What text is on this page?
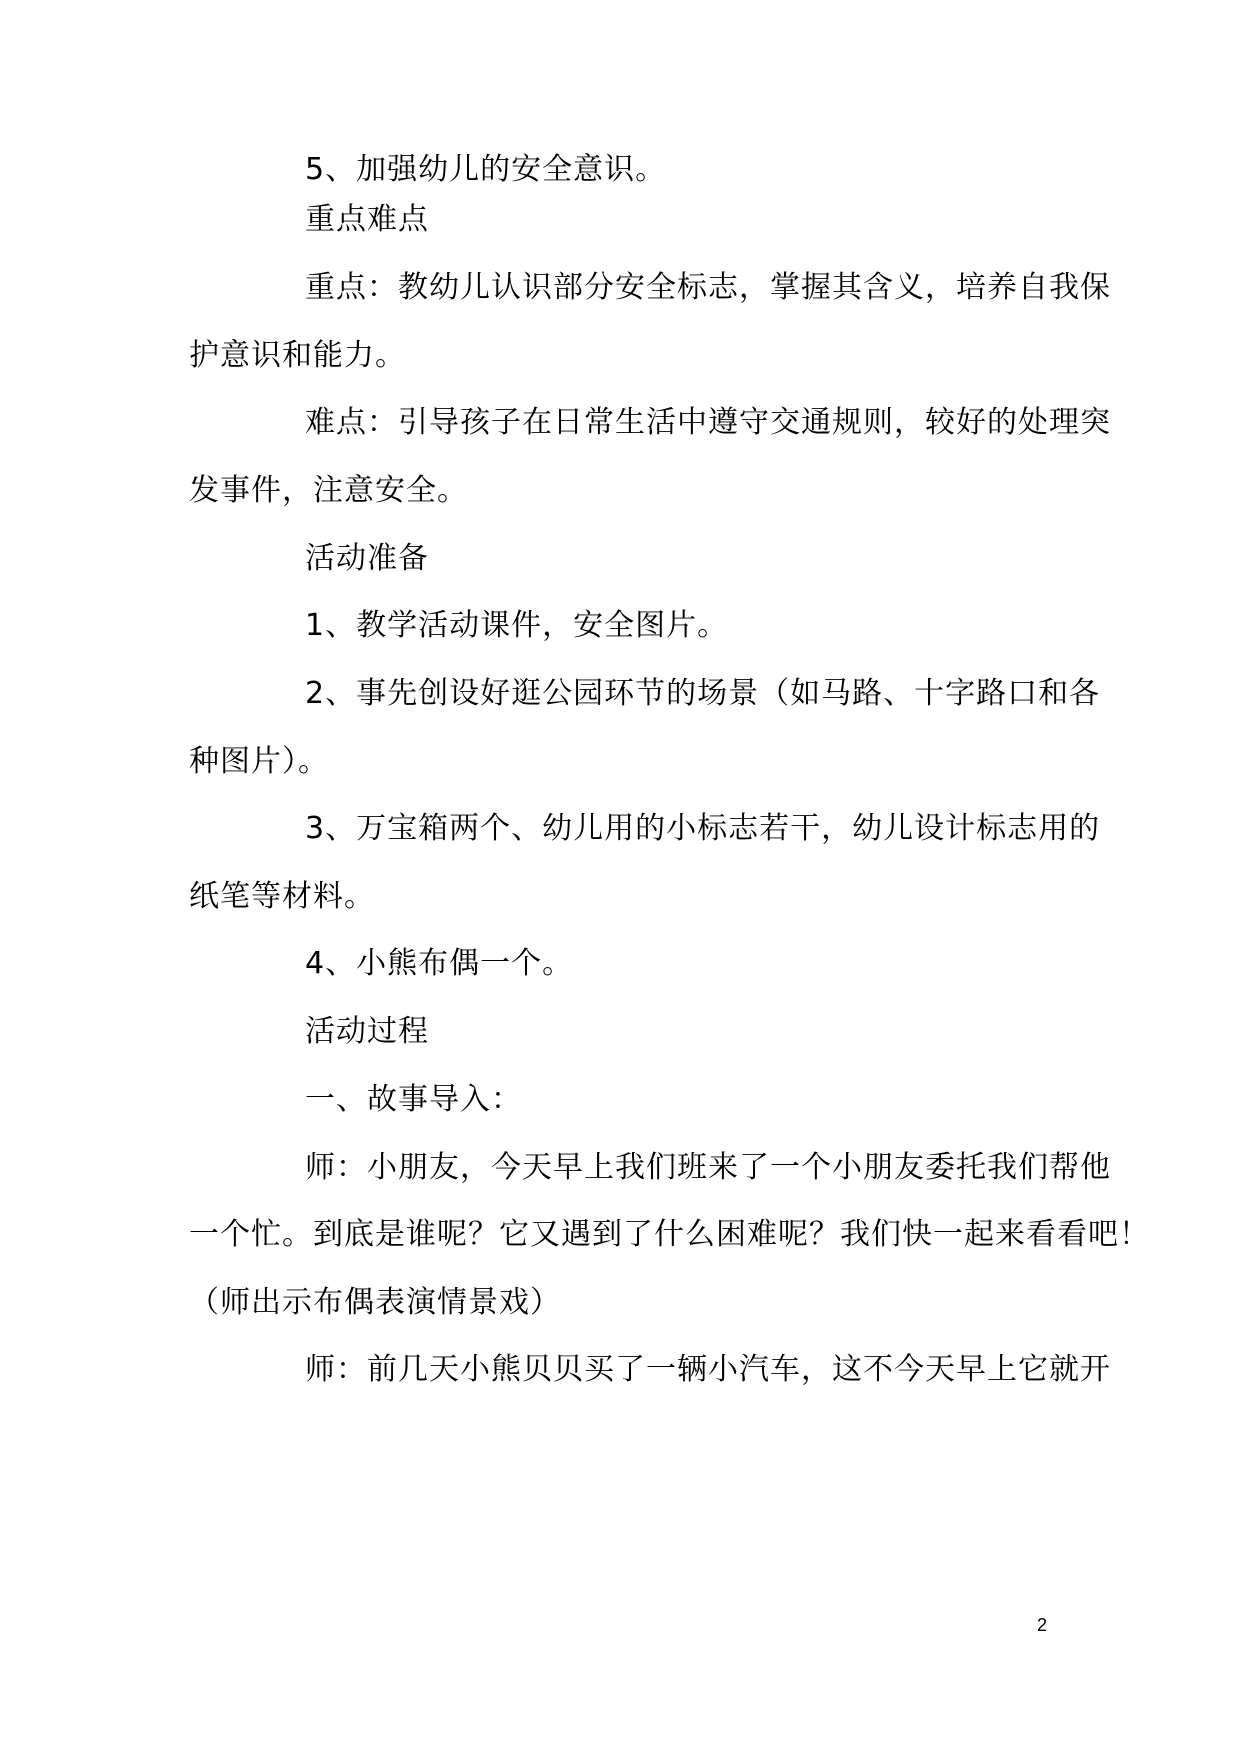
5、加强幼儿的安全意识。
重点难点
重点：教幼儿认识部分安全标志，掌握其含义，培养自我保
护意识和能力。
难点：引导孩子在日常生活中遵守交通规则，较好的处理突
发事件，注意安全。
活动准备
1、教学活动课件，安全图片。
2、事先创设好逛公园环节的场景（如马路、十字路口和各
种图片）。
3、万宝箱两个、幼儿用的小标志若干，幼儿设计标志用的
纸笔等材料。
4、小熊布偶一个。
活动过程
一、故事导入：
师：小朋友，今天早上我们班来了一个小朋友委托我们帮他
一个忙。到底是谁呢？它又遇到了什么困难呢？我们快一起来看看吧！
（师出示布偶表演情景戏）
师：前几天小熊贝贝买了一辆小汽车，这不今天早上它就开
2
